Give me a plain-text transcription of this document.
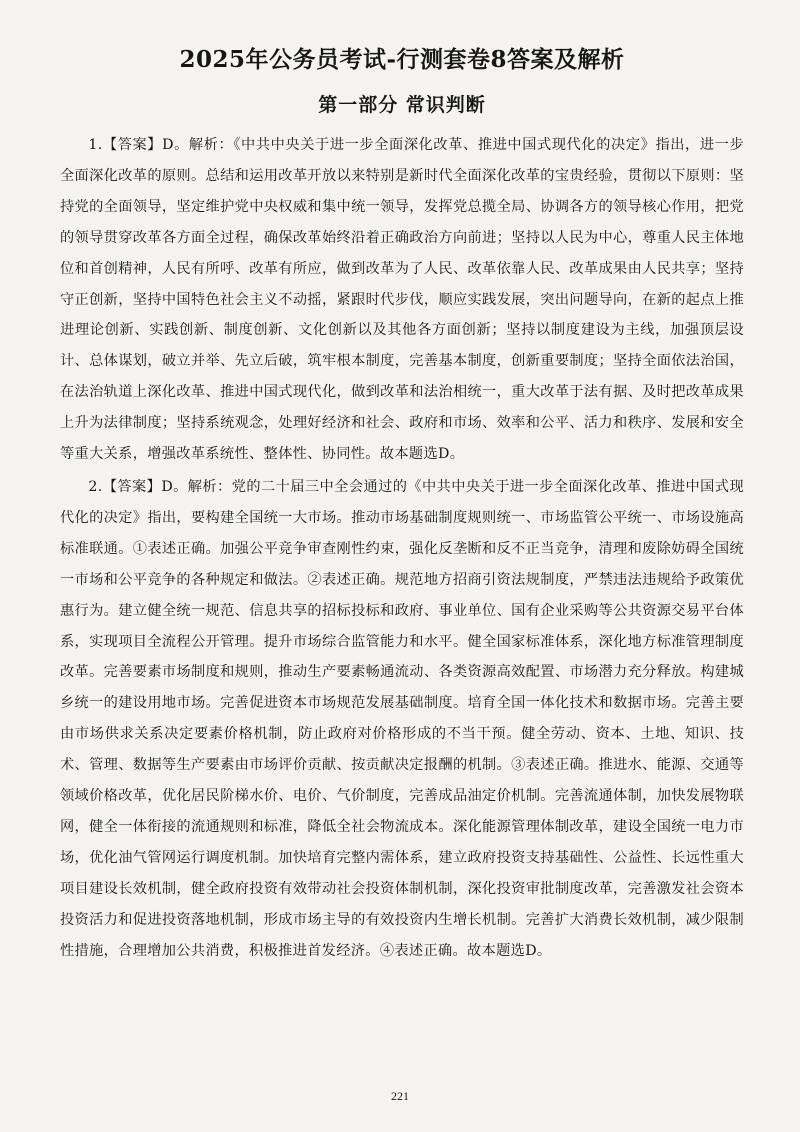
2025年公务员考试-行测套卷8答案及解析
第一部分 常识判断

1.【答案】D。解析：《中共中央关于进一步全面深化改革、推进中国式现代化的决定》指出，进一步全面深化改革的原则。总结和运用改革开放以来特别是新时代全面深化改革的宝贵经验，贯彻以下原则：坚持党的全面领导，坚定维护党中央权威和集中统一领导，发挥党总揽全局、协调各方的领导核心作用，把党的领导贯穿改革各方面全过程，确保改革始终沿着正确政治方向前进；坚持以人民为中心，尊重人民主体地位和首创精神，人民有所呼、改革有所应，做到改革为了人民、改革依靠人民、改革成果由人民共享；坚持守正创新，坚持中国特色社会主义不动摇，紧跟时代步伐，顺应实践发展，突出问题导向，在新的起点上推进理论创新、实践创新、制度创新、文化创新以及其他各方面创新；坚持以制度建设为主线，加强顶层设计、总体谋划，破立并举、先立后破，筑牢根本制度，完善基本制度，创新重要制度；坚持全面依法治国，在法治轨道上深化改革、推进中国式现代化，做到改革和法治相统一，重大改革于法有据、及时把改革成果上升为法律制度；坚持系统观念，处理好经济和社会、政府和市场、效率和公平、活力和秩序、发展和安全等重大关系，增强改革系统性、整体性、协同性。故本题选D。

2.【答案】D。解析：党的二十届三中全会通过的《中共中央关于进一步全面深化改革、推进中国式现代化的决定》指出，要构建全国统一大市场。推动市场基础制度规则统一、市场监管公平统一、市场设施高标准联通。①表述正确。加强公平竞争审查刚性约束，强化反垄断和反不正当竞争，清理和废除妨碍全国统一市场和公平竞争的各种规定和做法。②表述正确。规范地方招商引资法规制度，严禁违法违规给予政策优惠行为。建立健全统一规范、信息共享的招标投标和政府、事业单位、国有企业采购等公共资源交易平台体系，实现项目全流程公开管理。提升市场综合监管能力和水平。健全国家标准体系，深化地方标准管理制度改革。完善要素市场制度和规则，推动生产要素畅通流动、各类资源高效配置、市场潜力充分释放。构建城乡统一的建设用地市场。完善促进资本市场规范发展基础制度。培育全国一体化技术和数据市场。完善主要由市场供求关系决定要素价格机制，防止政府对价格形成的不当干预。健全劳动、资本、土地、知识、技术、管理、数据等生产要素由市场评价贡献、按贡献决定报酬的机制。③表述正确。推进水、能源、交通等领域价格改革，优化居民阶梯水价、电价、气价制度，完善成品油定价机制。完善流通体制，加快发展物联网，健全一体衔接的流通规则和标准，降低全社会物流成本。深化能源管理体制改革，建设全国统一电力市场，优化油气管网运行调度机制。加快培育完整内需体系，建立政府投资支持基础性、公益性、长远性重大项目建设长效机制，健全政府投资有效带动社会投资体制机制，深化投资审批制度改革，完善激发社会资本投资活力和促进投资落地机制，形成市场主导的有效投资内生增长机制。完善扩大消费长效机制，减少限制性措施，合理增加公共消费，积极推进首发经济。④表述正确。故本题选D。

221
